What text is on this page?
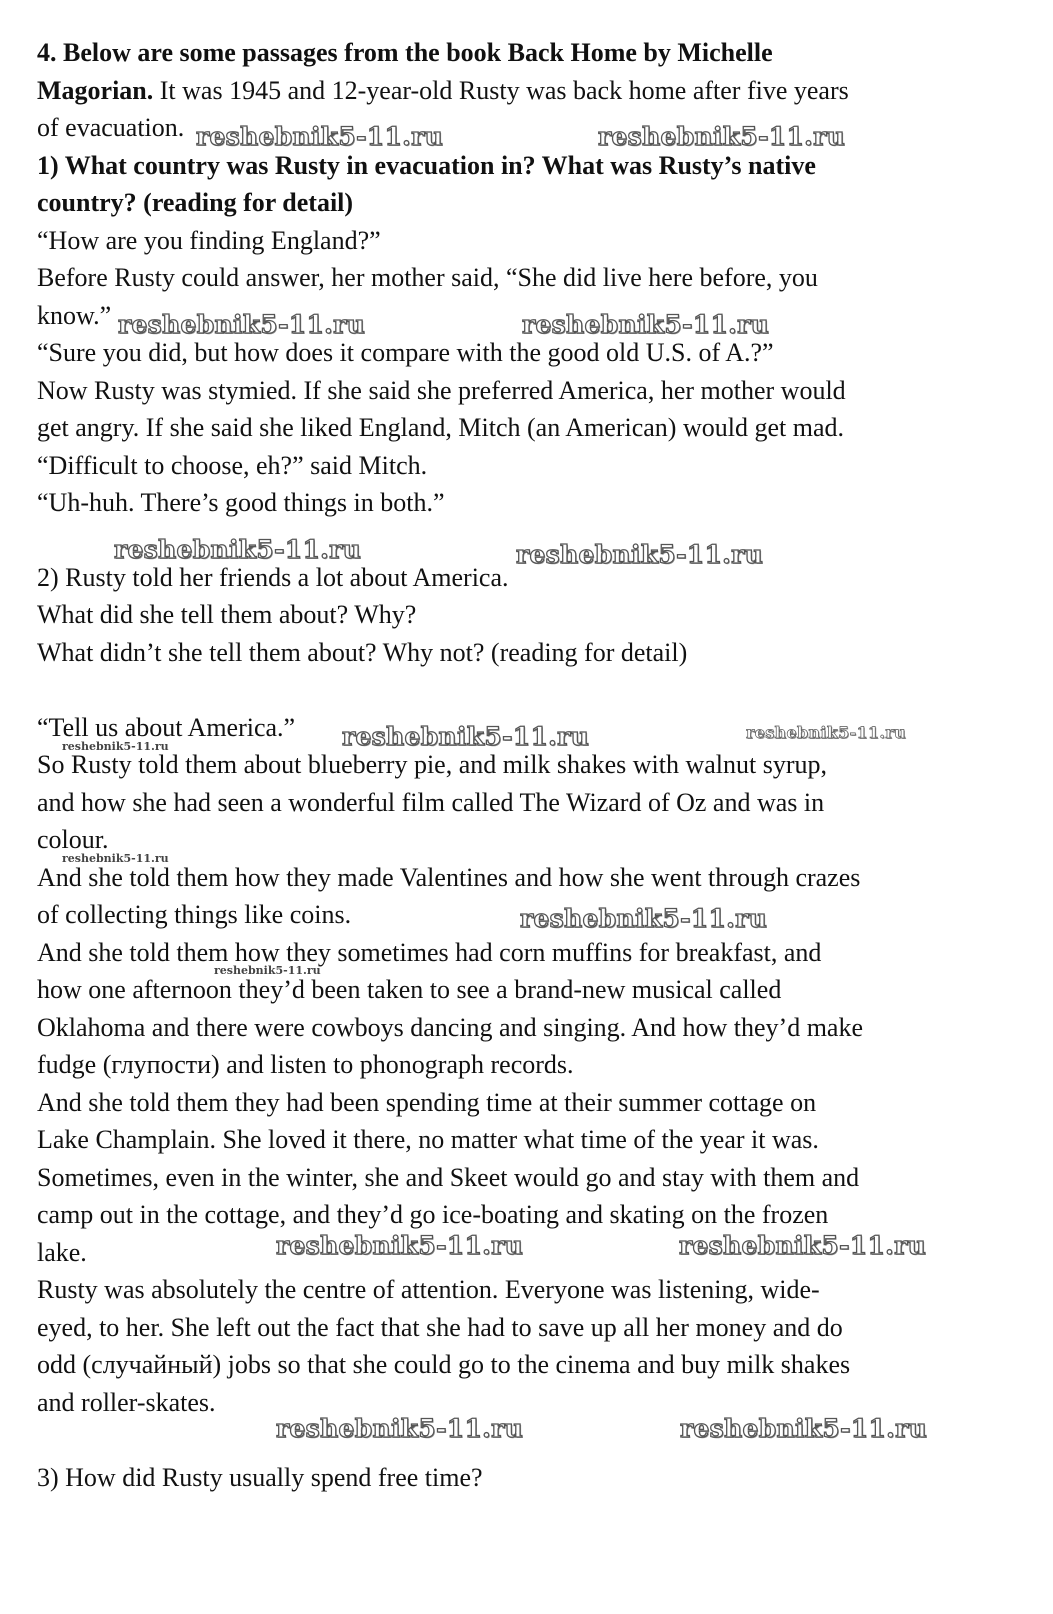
4. Below are some passages from the book Back Home by Michelle
Magorian. It was 1945 and 12-year-old Rusty was back home after five years
of evacuation.
1) What country was Rusty in evacuation in? What was Rusty’s native
country? (reading for detail)
“How are you finding England?”
Before Rusty could answer, her mother said, “She did live here before, you
know.”
“Sure you did, but how does it compare with the good old U.S. of A.?”
Now Rusty was stymied. If she said she preferred America, her mother would
get angry. If she said she liked England, Mitch (an American) would get mad.
“Difficult to choose, eh?” said Mitch.
“Uh-huh. There’s good things in both.”
2) Rusty told her friends a lot about America.
What did she tell them about? Why?
What didn’t she tell them about? Why not? (reading for detail)
“Tell us about America.”
So Rusty told them about blueberry pie, and milk shakes with walnut syrup,
and how she had seen a wonderful film called The Wizard of Oz and was in
colour.
And she told them how they made Valentines and how she went through crazes
of collecting things like coins.
And she told them how they sometimes had corn muffins for breakfast, and
how one afternoon they’d been taken to see a brand-new musical called
Oklahoma and there were cowboys dancing and singing. And how they’d make
fudge (глупости) and listen to phonograph records.
And she told them they had been spending time at their summer cottage on
Lake Champlain. She loved it there, no matter what time of the year it was.
Sometimes, even in the winter, she and Skeet would go and stay with them and
camp out in the cottage, and they’d go ice-boating and skating on the frozen
lake.
Rusty was absolutely the centre of attention. Everyone was listening, wide-
eyed, to her. She left out the fact that she had to save up all her money and do
odd (случайный) jobs so that she could go to the cinema and buy milk shakes
and roller-skates.
3) How did Rusty usually spend free time?
reshebnik5-11.ru	reshebnik5-11.ru
reshebnik5-11.ru	reshebnik5-11.ru
reshebnik5-11.ru	reshebnik5-11.ru
reshebnik5-11.ru	reshebnik5-11.ru
reshebnik5-11.ru
reshebnik5-11.ru
reshebnik5-11.ru
reshebnik5-11.ru
reshebnik5-11.ru	reshebnik5-11.ru
reshebnik5-11.ru	reshebnik5-11.ru
